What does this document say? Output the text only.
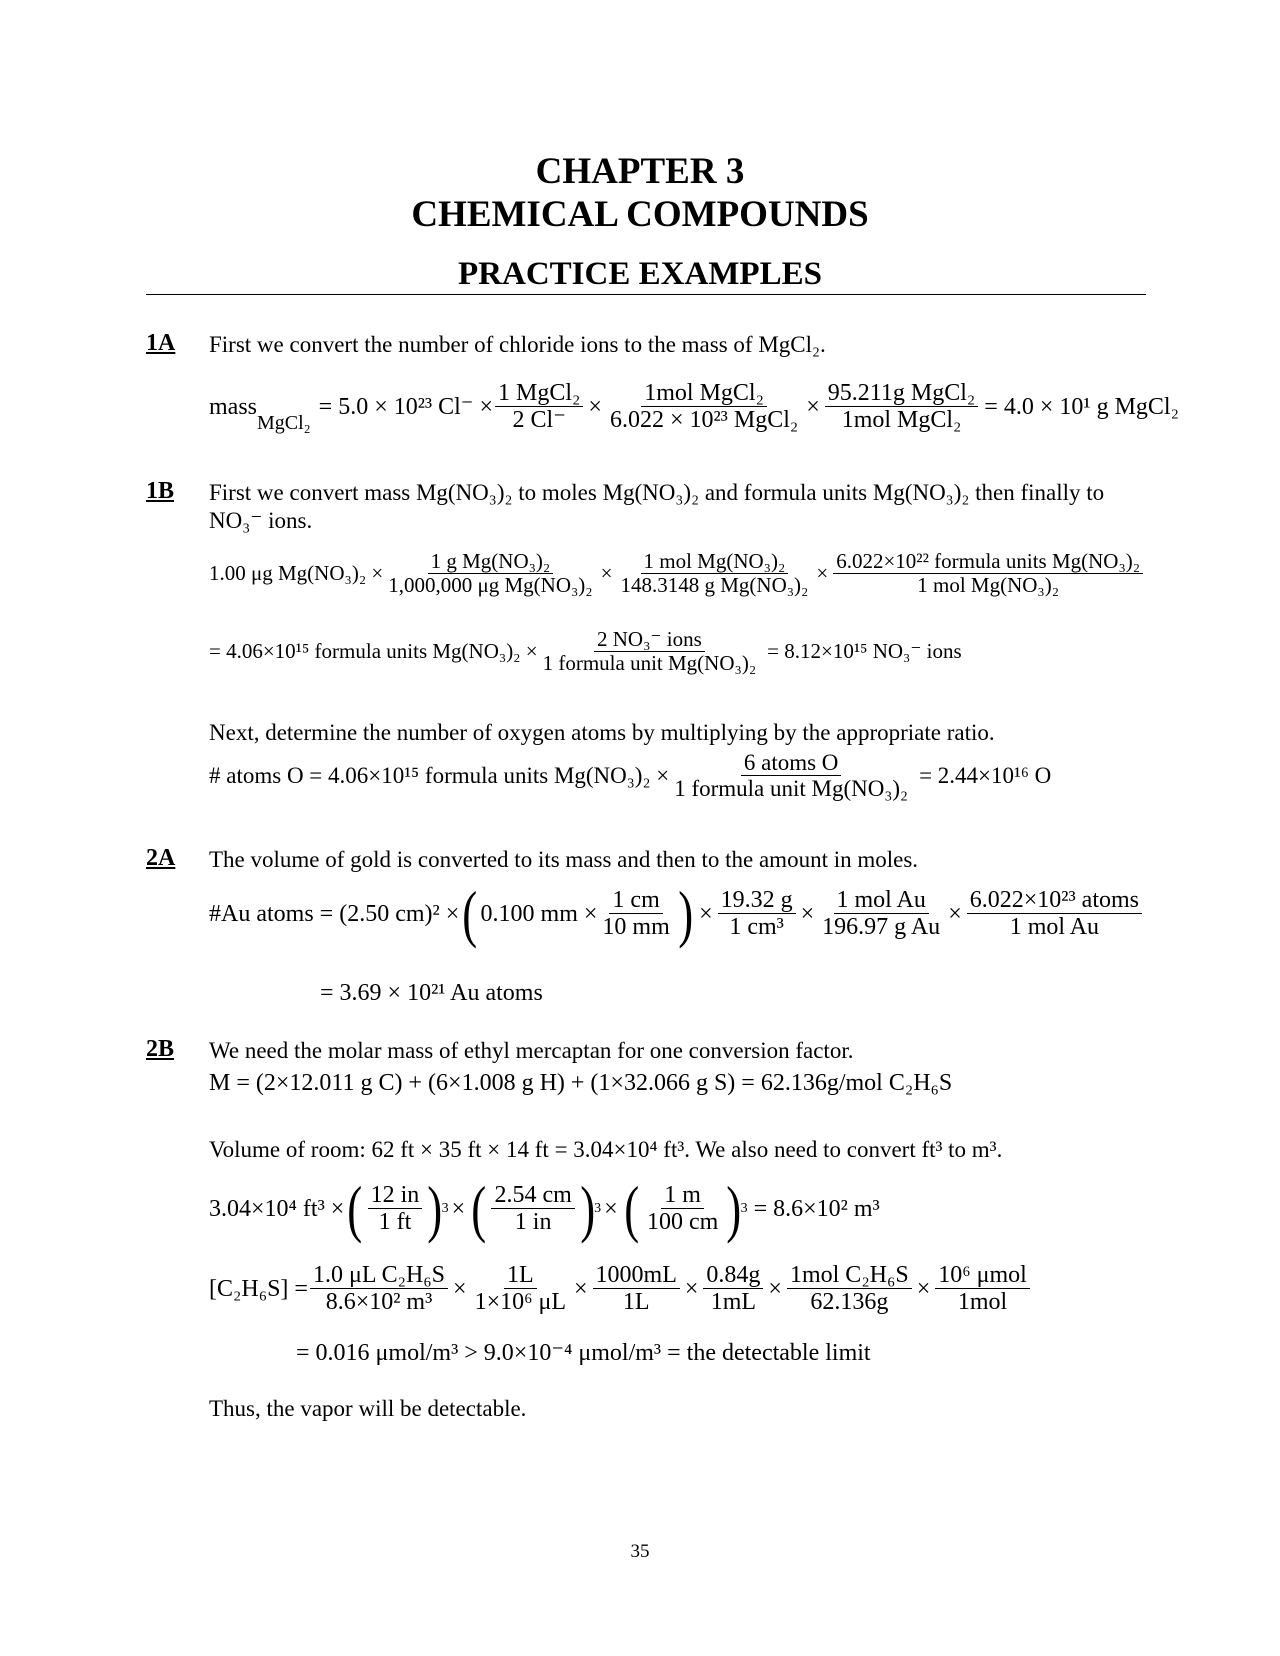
CHAPTER 3
CHEMICAL COMPOUNDS
PRACTICE EXAMPLES
1A First we convert the number of chloride ions to the mass of MgCl₂.
mass
$_{MgCl_2}$
= 5.0 × 10²³ $Cl^- \times \frac{\text{1 MgCl₂}}{2 Cl^-} \times \frac{\text{1mol MgCl₂}}{\text{6.022 × 10²³ MgCl₂}} \times \frac{\text{95.211g MgCl₂}}{\text{1mol MgCl₂}} = 4.0 \times 10^1$ g MgCl₂
1B First we convert mass Mg(NO₃)₂ to moles Mg(NO₃)₂ and formula units Mg(NO₃)₂ then finally to
NO₃⁻ ions.
1.00 μg $Mg(NO_3)_2 \times \frac{\text{1 g Mg(NO₃)₂}}{\text{1,000,000 μg Mg(NO₃)₂}} \times \frac{\text{1 mol Mg(NO₃)₂}}{\text{148.3148 g Mg(NO₃)₂}} \times \frac{\text{6.022×10²² formula units Mg(NO₃)₂}}{\text{1 mol Mg(NO₃)₂}}$
= 4.06×10¹⁵ formula units $Mg(NO_3)_2 \times \frac{\text{2 NO₃⁻ ions}}{\text{1 formula unit Mg(NO₃)₂}} = 8.12\times 10^{15}$ NO₃⁻ ions
Next, determine the number of oxygen atoms by multiplying by the appropriate ratio.
# atoms O = 4.06×10¹⁵ formula units $Mg(NO_3)_2 \times \frac{\text{6 atoms O}}{\text{1 formula unit Mg(NO₃)₂}} = 2.44\times 10^{16}$ O
2A The volume of gold is converted to its mass and then to the amount in moles.
#Au atoms = (2.50 cm)² × ( 0.100 mm × $\frac{1 cm}{10 mm}$ ) × $\frac{19.32 g}{\text{1 cm³}} \times \frac{\text{1 mol Au}}{\text{196.97 g Au}} \times \frac{\text{6.022×10²³ atoms}}{\text{1 mol Au}}$
= 3.69 × 10²¹ Au atoms
2B We need the molar mass of ethyl mercaptan for one conversion factor.
M = (2×12.011 g C) + (6×1.008 g H) + (1×32.066 g S) = 62.136g/mol C₂H₆S
Volume of room: 62 ft × 35 ft × 14 ft = 3.04×10⁴ ft³. We also need to convert ft³ to m³.
3.04×10⁴ ft³ × ( $\frac{12 in}{1 ft}$ ) 3 × ( $\frac{2.54 cm}{1 in}$ ) 3 × ( $\frac{1 m}{100 cm}$ ) 3 = 8.6×10² m³
$[C_2H_6S] = \frac{\text{1.0 μL C₂H₆S}}{\text{8.6×10² m³}} \times \frac{1L}{\text{1×10⁶ μL}} \times \frac{1000mL}{1L} \times \frac{0.84g}{1mL} \times \frac{\text{1mol C₂H₆S}}{62.136g} \times \frac{\text{10⁶ μmol}}{\text{1mol}}$
= 0.016 μmol/m³ > 9.0×10⁻⁴ μmol/m³ = the detectable limit
Thus, the vapor will be detectable.
35
